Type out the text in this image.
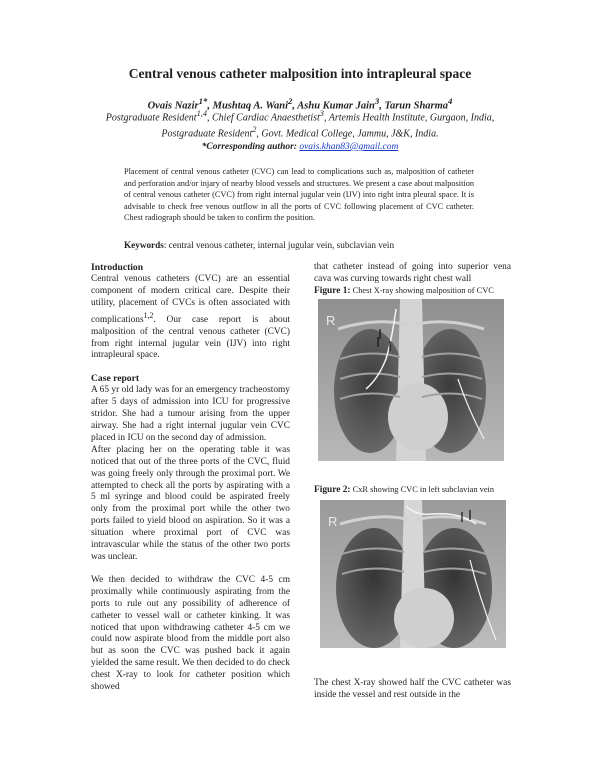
Central venous catheter malposition into intrapleural space
Ovais Nazir$^{1*}$, Mushtaq A. Wani$^2$, Ashu Kumar Jain$^3$, Tarun Sharma$^4$
Postgraduate Resident$^{1,4}$, Chief Cardiac Anaesthetist$^3$, Artemis Health Institute, Gurgaon, India,
Postgraduate Resident$^2$, Govt. Medical College, Jammu, J&K, India.
*Corresponding author: ovais.khan83@gmail.com

Placement of central venous catheter (CVC) can lead to complications such as, malposition of catheter and perforation and/or injary of nearby blood vessels and structures. We present a case about malposition of central venous catheter (CVC) from right internal jugular vein (IJV) into right intra pleural space. It is advisable to check free venous outflow in all the ports of CVC following placement of CVC catheter. Chest radiograph should be taken to confirm the position.

Keywords: central venous catheter, internal jugular vein, subclavian vein

Introduction

Central venous catheters (CVC) are an essential component of modern critical care. Despite their utility, placement of CVCs is often associated with complications$^{1,2}$. Our case report is about malposition of the central venous catheter (CVC) from right internal jugular vein (IJV) into right intrapleural space.

Case report

A 65 yr old lady was for an emergency tracheostomy after 5 days of admission into ICU for progressive stridor. She had a tumour arising from the upper airway. She had a right internal jugular vein CVC placed in ICU on the second day of admission.

After placing her on the operating table it was noticed that out of the three ports of the CVC, fluid was going freely only through the proximal port. We attempted to check all the ports by aspirating with a 5 ml syringe and blood could be aspirated freely only from the proximal port while the other two ports failed to yield blood on aspiration. So it was a situation where proximal port of CVC was intravascular while the status of the other two ports was unclear.

We then decided to withdraw the CVC 4-5 cm proximally while continuously aspirating from the ports to rule out any possibility of adherence of catheter to vessel wall or catheter kinking. It was noticed that upon withdrawing catheter 4-5 cm we could now aspirate blood from the middle port also but as soon the CVC was pushed back it again yielded the same result. We then decided to do check chest X-ray to look for catheter position which showed

that catheter instead of going into superior vena cava was curving towards right chest wall

Figure 1: Chest X-ray showing malposition of CVC

R

Figure 2: CxR showing CVC in left subclavian vein

R

The chest X-ray showed half the CVC catheter was inside the vessel and rest outside in the
